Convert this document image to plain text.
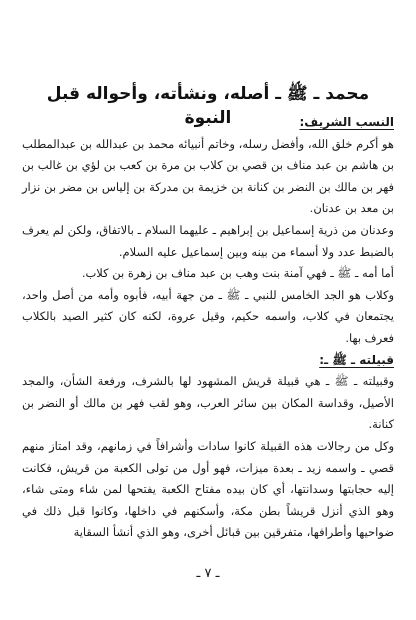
محمد ـ ﷺ ـ أصله، ونشأته، وأحواله قبل النبوة	النسب الشريف:

هو أكرم خلق الله، وأفضل رسله، وخاتم أنبيائه محمد بن عبدالله بن عبدالمطلب بن هاشم بن عبد مناف بن قصي بن كلاب بن مرة بن كعب بن لؤي بن غالب بن فهر بن مالك بن النضر بن كنانة بن خزيمة بن مدركة بن إلياس بن مضر بن نزار بن معد بن عدنان.

وعدنان من ذرية إسماعيل بن إبراهيم ـ عليهما السلام ـ بالاتفاق، ولكن لم يعرف بالضبط عدد ولا أسماء من بينه وبين إسماعيل عليه السلام.

أما أمه ـ ﷺ ـ فهي آمنة بنت وهب بن عبد مناف بن زهرة بن كلاب.

وكلاب هو الجد الخامس للنبي ـ ﷺ ـ من جهة أبيه، فأبوه وأمه من أصل واحد، يجتمعان في كلاب، واسمه حكيم، وقيل عروة، لكنه كان كثير الصيد بالكلاب فعرف بها.

قبيلته ـ ﷺ ـ:

وقبيلته ـ ﷺ ـ هي قبيلة قريش المشهود لها بالشرف، ورفعة الشأن، والمجد الأصيل، وقداسة المكان بين سائر العرب، وهو لقب فهر بن مالك أو النضر بن كنانة.

وكل من رجالات هذه القبيلة كانوا سادات وأشرافاً في زمانهم، وقد امتاز منهم قصي ـ واسمه زيد ـ بعدة ميزات، فهو أول من تولى الكعبة من قريش، فكانت إليه حجابتها وسدانتها، أي كان بيده مفتاح الكعبة يفتحها لمن شاء ومتى شاء، وهو الذي أنزل قريشاً بطن مكة، وأسكنهم في داخلها، وكانوا قبل ذلك في ضواحيها وأطرافها، متفرقين بين قبائل أخرى، وهو الذي أنشأ السقاية

ـ ٧ ـ
